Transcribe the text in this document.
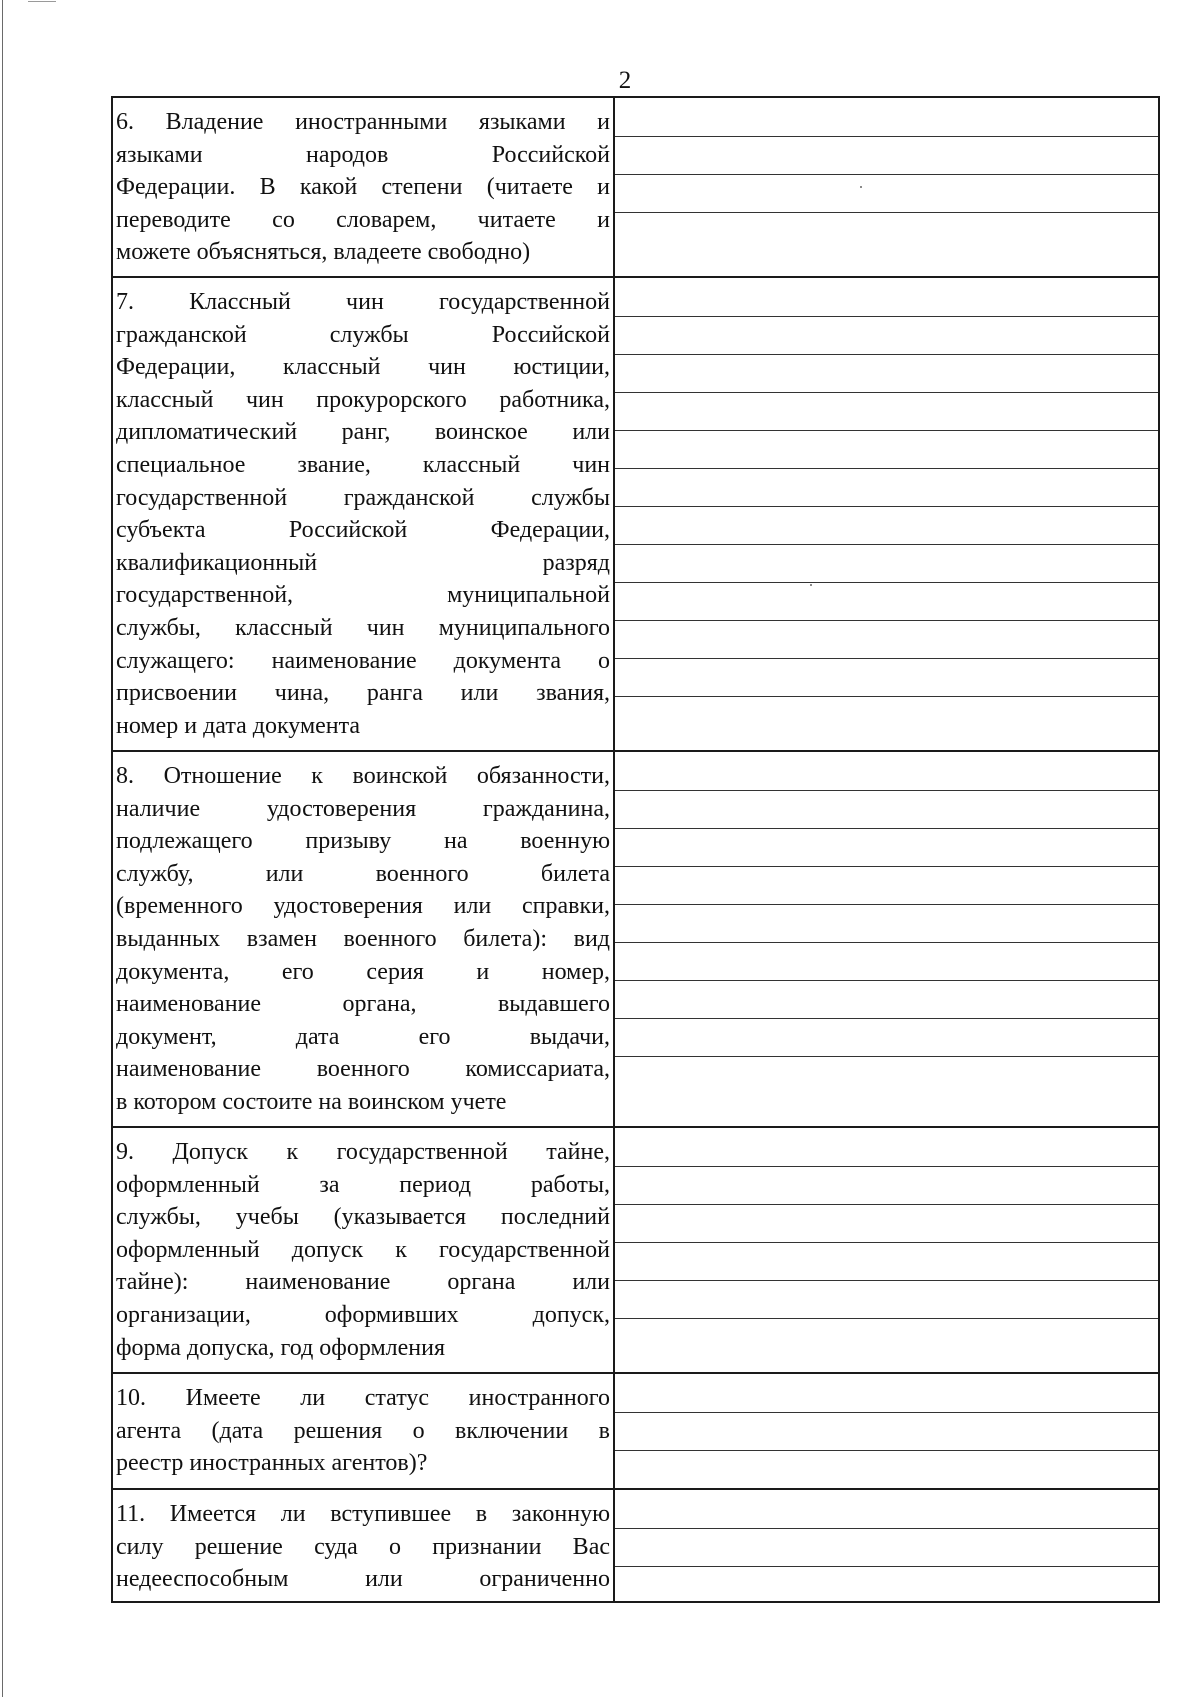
2
6. Владение иностранными языками и
языками народов Российской
Федерации. В какой степени (читаете и
переводите со словарем, читаете и
можете объясняться, владеете свободно)
7. Классный чин государственной
гражданской службы Российской
Федерации, классный чин юстиции,
классный чин прокурорского работника,
дипломатический ранг, воинское или
специальное звание, классный чин
государственной гражданской службы
субъекта Российской Федерации,
квалификационный разряд
государственной, муниципальной
службы, классный чин муниципального
служащего: наименование документа о
присвоении чина, ранга или звания,
номер и дата документа
8. Отношение к воинской обязанности,
наличие удостоверения гражданина,
подлежащего призыву на военную
службу, или военного билета
(временного удостоверения или справки,
выданных взамен военного билета): вид
документа, его серия и номер,
наименование органа, выдавшего
документ, дата его выдачи,
наименование военного комиссариата,
в котором состоите на воинском учете
9. Допуск к государственной тайне,
оформленный за период работы,
службы, учебы (указывается последний
оформленный допуск к государственной
тайне): наименование органа или
организации, оформивших допуск,
форма допуска, год оформления
10. Имеете ли статус иностранного
агента (дата решения о включении в
реестр иностранных агентов)?
11. Имеется ли вступившее в законную
силу решение суда о признании Вас
недееспособным или ограниченно
